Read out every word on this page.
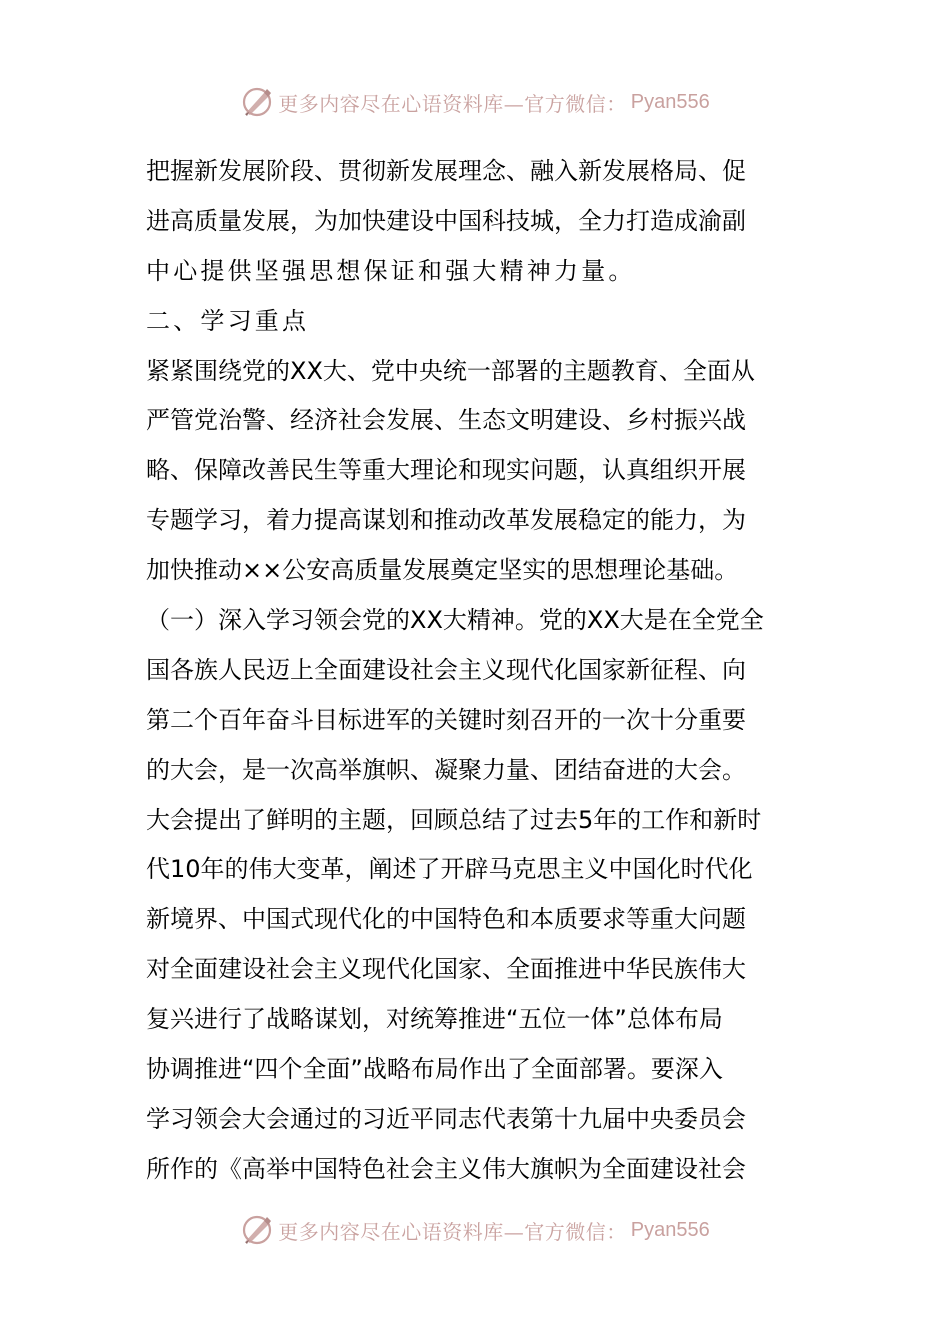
更多内容尽在心语资料库—官方微信： Pyan556
把握新发展阶段、贯彻新发展理念、融入新发展格局、促
进高质量发展，为加快建设中国科技城，全力打造成渝副
中心提供坚强思想保证和强大精神力量。
二、学习重点
紧紧围绕党的XX大、党中央统一部署的主题教育、全面从
严管党治警、经济社会发展、生态文明建设、乡村振兴战
略、保障改善民生等重大理论和现实问题，认真组织开展
专题学习，着力提高谋划和推动改革发展稳定的能力，为
加快推动××公安高质量发展奠定坚实的思想理论基础。
（一）深入学习领会党的XX大精神。党的XX大是在全党全
国各族人民迈上全面建设社会主义现代化国家新征程、向
第二个百年奋斗目标进军的关键时刻召开的一次十分重要
的大会，是一次高举旗帜、凝聚力量、团结奋进的大会。
大会提出了鲜明的主题，回顾总结了过去5年的工作和新时
代10年的伟大变革，阐述了开辟马克思主义中国化时代化
新境界、中国式现代化的中国特色和本质要求等重大问题
对全面建设社会主义现代化国家、全面推进中华民族伟大
复兴进行了战略谋划，对统筹推进“五位一体”总体布局
协调推进“四个全面”战略布局作出了全面部署。要深入
学习领会大会通过的习近平同志代表第十九届中央委员会
所作的《高举中国特色社会主义伟大旗帜为全面建设社会
更多内容尽在心语资料库—官方微信： Pyan556
